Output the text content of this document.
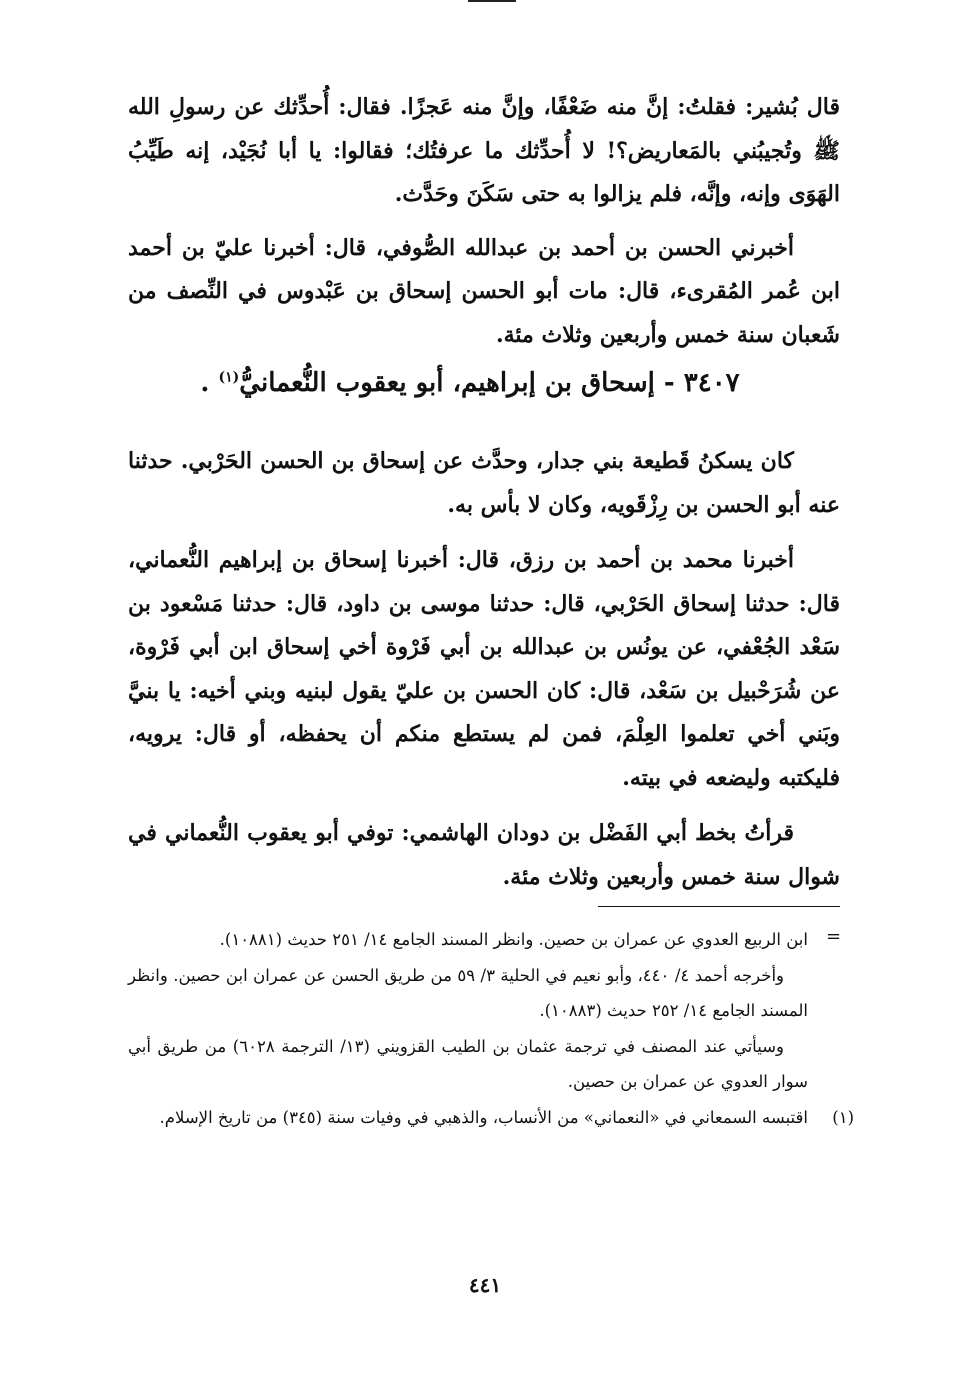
قال بُشير: فقلتُ: إنَّ منه ضَعْفًا، وإنَّ منه عَجزًا. فقال: أُحدِّثك عن رسولِ الله ﷺ وتُجيبُني بالمَعاريض؟! لا أُحدِّثك ما عرفتُك؛ فقالوا: يا أبا نُجَيْد، إنه طَيِّبُ الهَوَى وإنه، وإنَّه، فلم يزالوا به حتى سَكَنَ وحَدَّث.

أخبرني الحسن بن أحمد بن عبدالله الصُّوفي، قال: أخبرنا عليّ بن أحمد ابن عُمر المُقرىء، قال: مات أبو الحسن إسحاق بن عَبْدوس في النِّصف من شَعبان سنة خمس وأربعين وثلاث مئة.

٣٤٠٧ - إسحاق بن إبراهيم، أبو يعقوب النُّعمانيُّ$^{(١)}$ .

كان يسكنُ قَطيعة بني جدار، وحدَّث عن إسحاق بن الحسن الحَرْبي. حدثنا عنه أبو الحسن بن رِزْقَويه، وكان لا بأس به.

أخبرنا محمد بن أحمد بن رزق، قال: أخبرنا إسحاق بن إبراهيم النُّعماني، قال: حدثنا إسحاق الحَرْبي، قال: حدثنا موسى بن داود، قال: حدثنا مَسْعود بن سَعْد الجُعْفي، عن يونُس بن عبدالله بن أبي فَرْوة أخي إسحاق ابن أبي فَرْوة، عن شُرَحْبيل بن سَعْد، قال: كان الحسن بن عليّ يقول لبنيه وبني أخيه: يا بنيَّ وبَني أخي تعلموا العِلْمَ، فمن لم يستطع منكم أن يحفظه، أو قال: يرويه، فليكتبه وليضعه في بيته.

قرأتُ بخط أبي الفَضْل بن دودان الهاشمي: توفي أبو يعقوب النُّعماني في شوال سنة خمس وأربعين وثلاث مئة.

=
ابن الربيع العدوي عن عمران بن حصين. وانظر المسند الجامع ١٤/ ٢٥١ حديث (١٠٨٨١).
وأخرجه أحمد ٤/ ٤٤٠، وأبو نعيم في الحلية ٣/ ٥٩ من طريق الحسن عن عمران ابن حصين. وانظر المسند الجامع ١٤/ ٢٥٢ حديث (١٠٨٨٣).
وسيأتي عند المصنف في ترجمة عثمان بن الطيب القزويني (١٣/ الترجمة ٦٠٢٨) من طريق أبي سوار العدوي عن عمران بن حصين.
(١)
اقتبسه السمعاني في «النعماني» من الأنساب، والذهبي في وفيات سنة (٣٤٥) من تاريخ الإسلام.
٤٤١
